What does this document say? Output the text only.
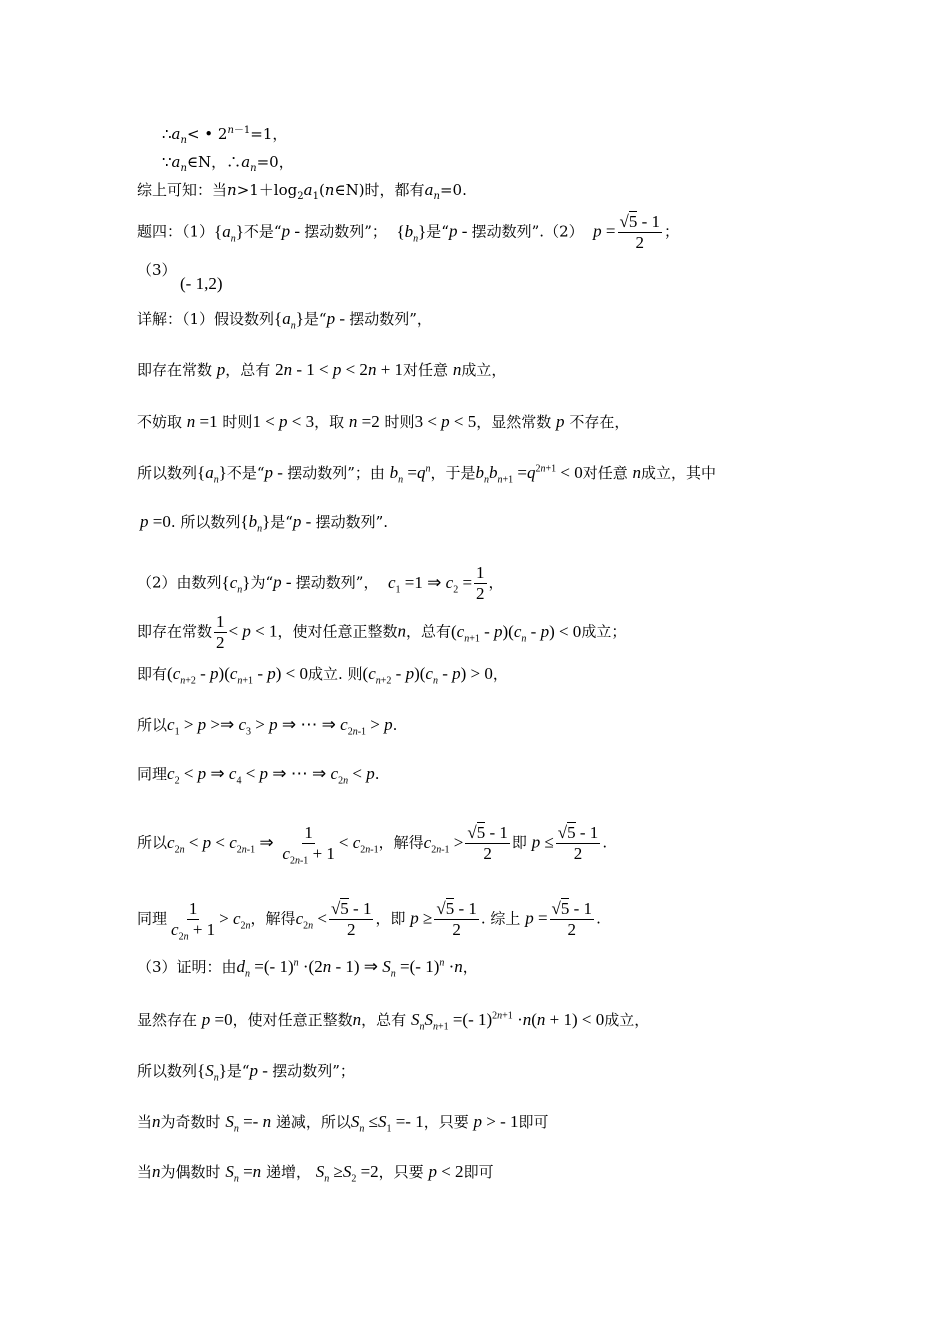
$\therefore a_n<$ • $2^{n-1}=1$，
$\because a_n\in N$，$\therefore a_n=0$，
综上可知：当$n>1+\log_2a_1(n\in N)$时，都有$a_n=0$.
题四：$(1)\{a_n\}$不是“p - 摆动数列”； $\{b_n\}$是“p - 摆动数列”.（2） $p = \frac{√5 - 1}{2}$ ；
（3）
(- 1,2)
详解：（1）假设数列$\{a_n\}$是“p - 摆动数列”，
即存在常数 p，总有 2n - 1 < p < 2n + 1对任意 n成立，
不妨取 n =1 时则1 < p < 3，取 n =2 时则3 < p < 5，显然常数 p 不存在，
所以数列$\{a_n\}$不是“p - 摆动数列”；由 $b_n =q^n$，于是$b_nb_{n+1} =q^{2n+1} < 0$对任意 n成立，其中
p =0. 所以数列$\{b_n\}$是“p - 摆动数列”.
（2）由数列$\{c_n\}$为“p - 摆动数列”， $c_1 =1$ ⇒ $c_2 = \frac{1}{2}$ ，
即存在常数 $\frac{1}{2} < p < 1$，使对任意正整数n，总有$(c_{n+1} - p)(c_n - p) < 0$成立；
即有$(c_{n+2} - p)(c_{n+1} - p) < 0$成立. 则$(c_{n+2} - p)(c_n - p) > 0$，
所以$c_1 > p$ >⇒ $c_3 > p$ ⇒ ⋯ ⇒ $c_{2n-1} > p$.
同理$c_2 < p$ ⇒ $c_4 < p$ ⇒ ⋯ ⇒ $c_{2n} < p$.
所以$c_{2n} < p < c_{2n-1}$ ⇒ $\frac{1}{c_{2n-1} + 1} < c_{2n-1}$，解得$c_{2n-1} > \frac{√5 - 1}{2}$ 即 $p \le \frac{√5 - 1}{2}$ .
同理 $\frac{1}{c_{2n} + 1} > c_{2n}$，解得$c_{2n} < \frac{√5 - 1}{2}$ ，即 $p \ge \frac{√5 - 1}{2}$ . 综上 $p = \frac{√5 - 1}{2}$ .
（3）证明：由$d_n$ =(- 1)$^n$ ·(2n - 1) ⇒ $S_n$ =(- 1)$^n$ ·n，
显然存在 p =0，使对任意正整数n，总有 $S_nS_{n+1}$ =(- 1)$^{2n+1}$ ·n(n + 1) < 0成立，
所以数列$\{S_n\}$是“p - 摆动数列”；
当n为奇数时 $S_n =- n$ 递减，所以$S_n \le S_1 =- 1$，只要 p > - 1即可
当n为偶数时 $S_n =n$ 递增， $S_n \ge S_2 =2$，只要 p < 2即可
